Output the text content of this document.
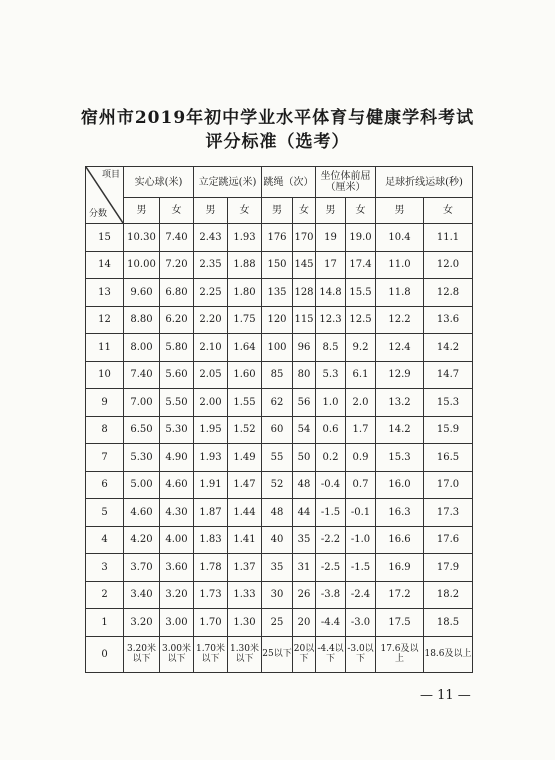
宿州市2019年初中学业水平体育与健康学科考试
评分标准（选考）
项目
分数	实心球(米)		立定跳远(米)		跳绳（次）		坐位体前屈（厘米）		足球折线运球(秒)	
	男	女	男	女	男	女	男	女	男	女
15	10.30	7.40	2.43	1.93	176	170	19	19.0	10.4	11.1
14	10.00	7.20	2.35	1.88	150	145	17	17.4	11.0	12.0
13	9.60	6.80	2.25	1.80	135	128	14.8	15.5	11.8	12.8
12	8.80	6.20	2.20	1.75	120	115	12.3	12.5	12.2	13.6
11	8.00	5.80	2.10	1.64	100	96	8.5	9.2	12.4	14.2
10	7.40	5.60	2.05	1.60	85	80	5.3	6.1	12.9	14.7
9	7.00	5.50	2.00	1.55	62	56	1.0	2.0	13.2	15.3
8	6.50	5.30	1.95	1.52	60	54	0.6	1.7	14.2	15.9
7	5.30	4.90	1.93	1.49	55	50	0.2	0.9	15.3	16.5
6	5.00	4.60	1.91	1.47	52	48	-0.4	0.7	16.0	17.0
5	4.60	4.30	1.87	1.44	48	44	-1.5	-0.1	16.3	17.3
4	4.20	4.00	1.83	1.41	40	35	-2.2	-1.0	16.6	17.6
3	3.70	3.60	1.78	1.37	35	31	-2.5	-1.5	16.9	17.9
2	3.40	3.20	1.73	1.33	30	26	-3.8	-2.4	17.2	18.2
1	3.20	3.00	1.70	1.30	25	20	-4.4	-3.0	17.5	18.5
0	3.20米以下	3.00米以下	1.70米以下	1.30米以下	25以下	20以下	-4.4以下	-3.0以下	17.6及以上	18.6及以上
— 11 —
